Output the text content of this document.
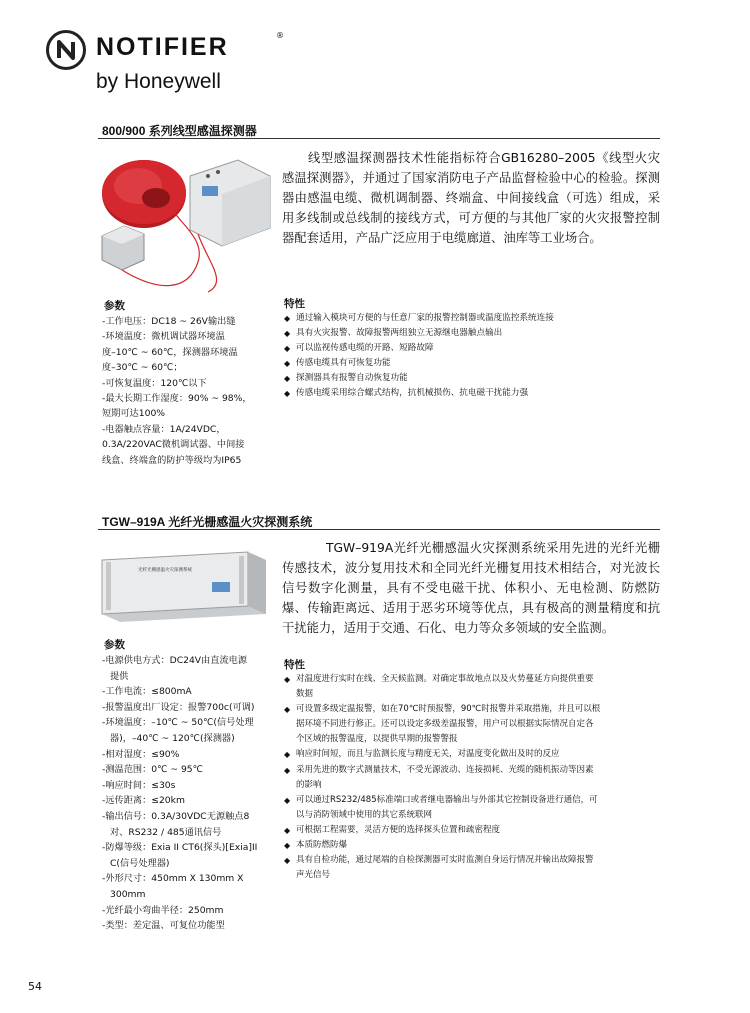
NOTIFIER	®
by Honeywell
800/900 系列线型感温探测器

线型感温探测器技术性能指标符合GB16280–2005《线型火灾感温探测器》，并通过了国家消防电子产品监督检验中心的检验。探测器由感温电缆、微机调制器、终端盒、中间接线盒（可选）组成，采用多线制或总线制的接线方式，可方便的与其他厂家的火灾报警控制器配套适用，产品广泛应用于电缆廊道、油库等工业场合。

参数
-工作电压：DC18 ~ 26V输出缝
-环境温度：微机调试器环境温
度–10℃ ~ 60℃，探测器环境温
度–30℃ ~ 60℃；
-可恢复温度：120℃以下
-最大长期工作湿度：90% ~ 98%，
短期可达100%
-电器触点容量：1A/24VDC，
0.3A/220VAC微机调试器、中间接
线盒、终端盒的防护等级均为IP65
特性
◆ 通过输入模块可方便的与任意厂家的报警控制器或温度监控系统连接
◆ 具有火灾报警、故障报警两组独立无源继电器触点输出
◆ 可以监视传感电缆的开路、短路故障
◆ 传感电缆具有可恢复功能
◆ 探测器具有报警自动恢复功能
◆ 传感电缆采用综合螺式结构，抗机械损伤、抗电磁干扰能力强
TGW–919A 光纤光栅感温火灾探测系统
光纤光栅感温火灾探测系统

TGW–919A光纤光栅感温火灾探测系统采用先进的光纤光栅传感技术，波分复用技术和全同光纤光栅复用技术相结合，对光波长信号数字化测量，具有不受电磁干扰、体积小、无电检测、防燃防爆、传输距离远、适用于恶劣环境等优点，具有极高的测量精度和抗干扰能力，适用于交通、石化、电力等众多领域的安全监测。

参数
-电源供电方式：DC24V由直流电源
提供
-工作电流：≤800mA
-报警温度出厂设定：报警700c(可调)
-环境温度：–10℃ ~ 50℃(信号处理
器)，–40℃ ~ 120℃(探测器)
-相对湿度：≤90%
-测温范围：0℃ ~ 95℃
-响应时间：≤30s
-远传距离：≤20km
-输出信号：0.3A/30VDC无源触点8
对、RS232 / 485通讯信号
-防爆等级：Exia II CT6(探头)[Exia]II
C(信号处理器)
-外形尺寸：450mm X 130mm X
300mm
-光纤最小弯曲半径：250mm
-类型：差定温、可复位功能型
特性
◆ 对温度进行实时在线、全天候监测。对确定事故地点以及火势蔓延方向提供重要
数据
◆ 可设置多级定温报警，如在70℃时预报警，90℃时报警并采取措施，并且可以根
据环境不同进行修正。还可以设定多级差温报警，用户可以根据实际情况自定各
个区域的报警温度，以提供早期的报警警报
◆ 响应时间短，而且与监测长度与精度无关，对温度变化做出及时的反应
◆ 采用先进的数字式测量技术，不受光源波动、连接损耗、光缆的随机振动等因素
的影响
◆ 可以通过RS232/485标准端口或者继电器输出与外部其它控制设备进行通信，可
以与消防领域中使用的其它系统联网
◆ 可根据工程需要，灵活方便的选择探头位置和疏密程度
◆ 本质防燃防爆
◆ 具有自检功能，通过尾端的自检探测器可实时监测自身运行情况并输出故障报警
声光信号
54
